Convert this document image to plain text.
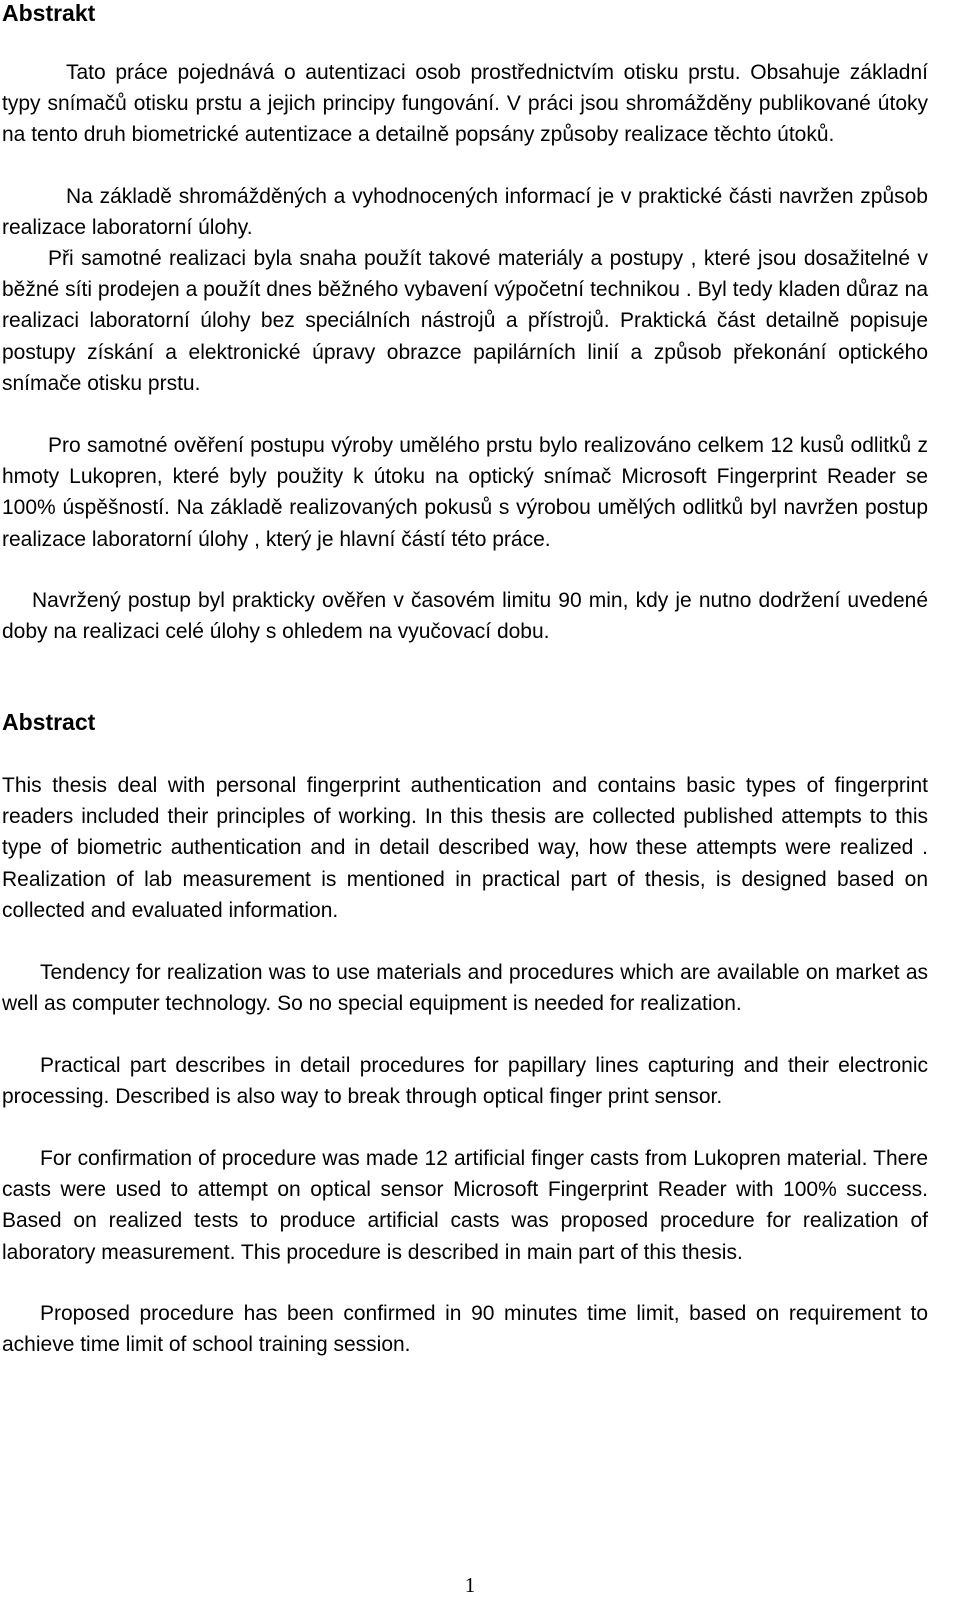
Abstrakt

Tato práce pojednává o autentizaci osob prostřednictvím otisku prstu. Obsahuje základní typy snímačů otisku prstu a jejich principy fungování. V práci jsou shromážděny publikované útoky na tento druh biometrické autentizace a detailně popsány způsoby realizace těchto útoků.

Na základě shromážděných a vyhodnocených informací je v praktické části navržen způsob realizace laboratorní úlohy.

Při samotné realizaci byla snaha použít takové materiály a postupy , které jsou dosažitelné v běžné síti prodejen a použít dnes běžného vybavení výpočetní technikou . Byl tedy kladen důraz na realizaci laboratorní úlohy bez speciálních nástrojů a přístrojů. Praktická část detailně popisuje postupy získání a elektronické úpravy obrazce papilárních linií a způsob překonání optického snímače otisku prstu.

Pro samotné ověření postupu výroby umělého prstu bylo realizováno celkem 12 kusů odlitků z hmoty Lukopren, které byly použity k útoku na optický snímač Microsoft Fingerprint Reader se 100% úspěšností. Na základě realizovaných pokusů s výrobou umělých odlitků byl navržen postup realizace laboratorní úlohy , který je hlavní částí této práce.

Navržený postup byl prakticky ověřen v časovém limitu 90 min, kdy je nutno dodržení uvedené doby na realizaci celé úlohy s ohledem na vyučovací dobu.

Abstract

This thesis deal with personal fingerprint authentication and contains basic types of fingerprint readers included their principles of working. In this thesis are collected published attempts to this type of biometric authentication and in detail described way, how these attempts were realized . Realization of lab measurement is mentioned in practical part of thesis, is designed based on collected and evaluated information.

Tendency for realization was to use materials and procedures which are available on market as well as computer technology. So no special equipment is needed for realization.

Practical part describes in detail procedures for papillary lines capturing and their electronic processing. Described is also way to break through optical finger print sensor.

For confirmation of procedure was made 12 artificial finger casts from Lukopren material. There casts were used to attempt on optical sensor Microsoft Fingerprint Reader with 100% success. Based on realized tests to produce artificial casts was proposed procedure for realization of laboratory measurement. This procedure is described in main part of this thesis.

Proposed procedure has been confirmed in 90 minutes time limit, based on requirement to achieve time limit of school training session.

1
